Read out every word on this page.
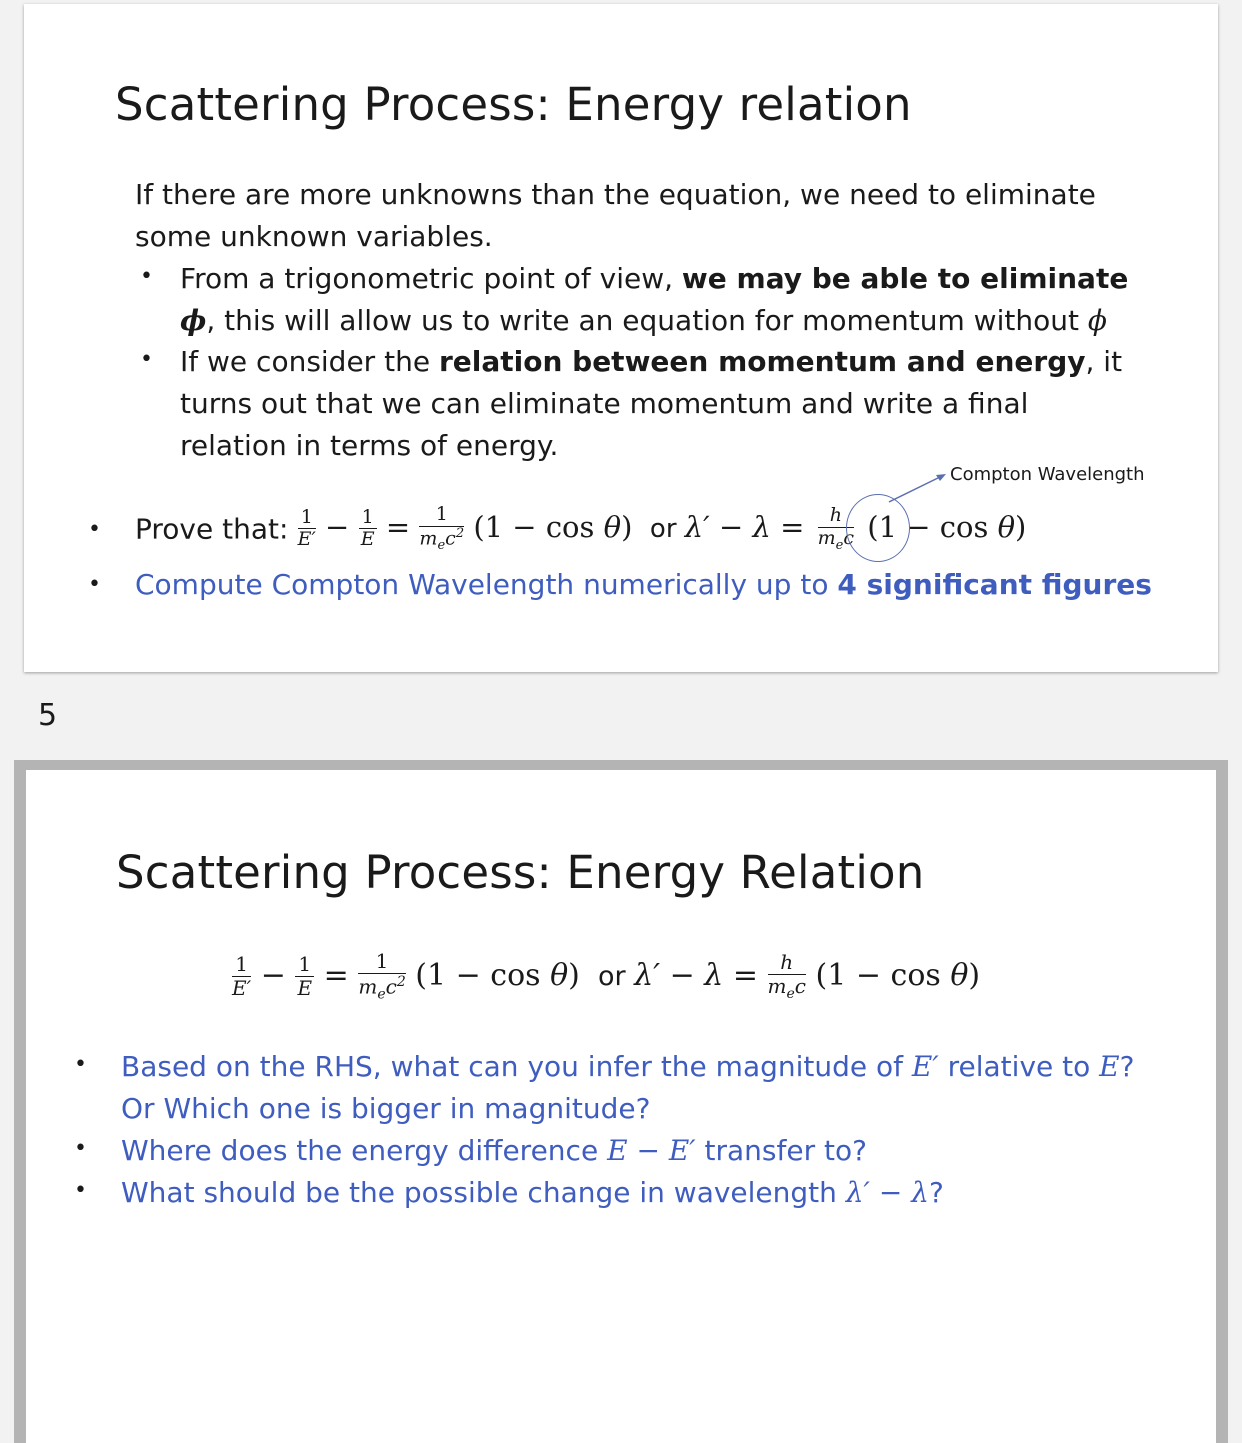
Scattering Process: Energy relation
If there are more unknowns than the equation, we need to eliminate
some unknown variables.
• From a trigonometric point of view, we may be able to eliminate
ϕ, this will allow us to write an equation for momentum without ϕ
• If we consider the relation between momentum and energy, it
turns out that we can eliminate momentum and write a final
relation in terms of energy.
Compton Wavelength
• Prove that: $\frac{1}{E'} - \frac{1}{E} = \frac{1}{m_ec^2} (1 - \cos \theta)$  or $\lambda' - \lambda = \frac{h}{m_ec} (1 - \cos \theta)$
• Compute Compton Wavelength numerically up to 4 significant figures
5
Scattering Process: Energy Relation
$\frac{1}{E'} - \frac{1}{E} = \frac{1}{m_ec^2} (1 - \cos \theta)$  or $\lambda' - \lambda = \frac{h}{m_ec} (1 - \cos \theta)$
• Based on the RHS, what can you infer the magnitude of E′ relative to E?
Or Which one is bigger in magnitude?
• Where does the energy difference E − E′ transfer to?
• What should be the possible change in wavelength λ′ − λ?
